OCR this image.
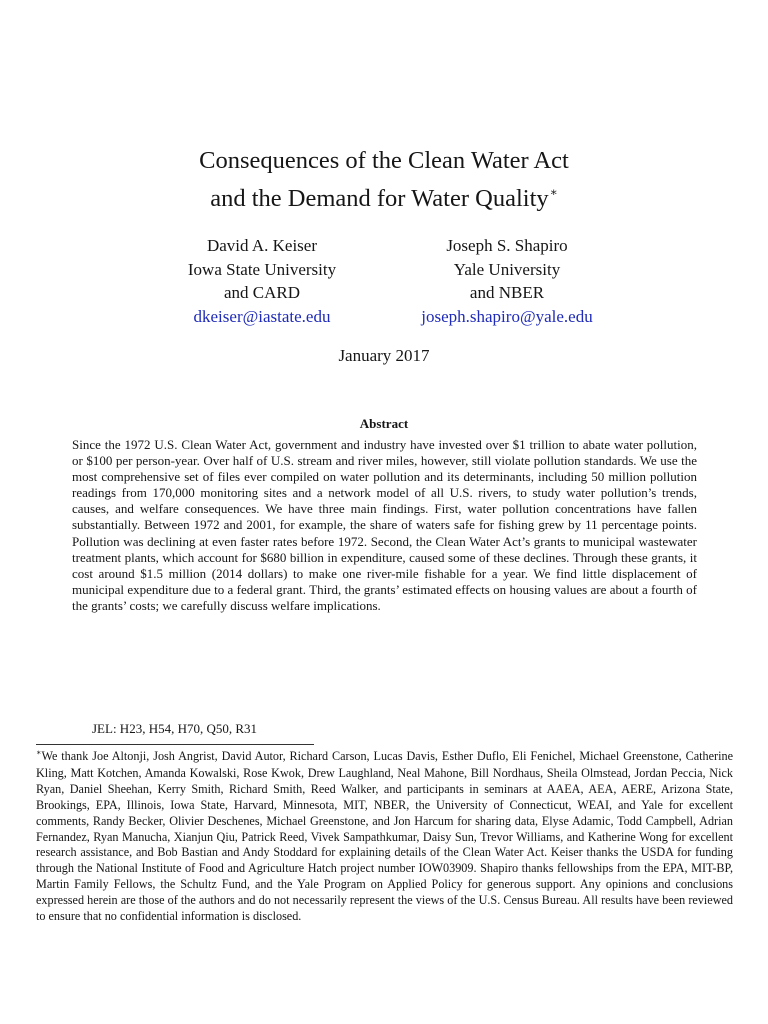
Consequences of the Clean Water Act
and the Demand for Water Quality∗
David A. Keiser
Iowa State University
and CARD
dkeiser@iastate.edu
Joseph S. Shapiro
Yale University
and NBER
joseph.shapiro@yale.edu
January 2017
Abstract

Since the 1972 U.S. Clean Water Act, government and industry have invested over $1 trillion to abate water pollution, or $100 per person-year. Over half of U.S. stream and river miles, however, still violate pollution standards. We use the most comprehensive set of files ever compiled on water pollution and its determinants, including 50 million pollution readings from 170,000 monitoring sites and a network model of all U.S. rivers, to study water pollution’s trends, causes, and welfare consequences. We have three main findings. First, water pollution concentrations have fallen substantially. Between 1972 and 2001, for example, the share of waters safe for fishing grew by 11 percentage points. Pollution was declining at even faster rates before 1972. Second, the Clean Water Act’s grants to municipal wastewater treatment plants, which account for $680 billion in expenditure, caused some of these declines. Through these grants, it cost around $1.5 million (2014 dollars) to make one river-mile fishable for a year. We find little displacement of municipal expenditure due to a federal grant. Third, the grants’ estimated effects on housing values are about a fourth of the grants’ costs; we carefully discuss welfare implications.

JEL: H23, H54, H70, Q50, R31

∗We thank Joe Altonji, Josh Angrist, David Autor, Richard Carson, Lucas Davis, Esther Duflo, Eli Fenichel, Michael Greenstone, Catherine Kling, Matt Kotchen, Amanda Kowalski, Rose Kwok, Drew Laughland, Neal Mahone, Bill Nordhaus, Sheila Olmstead, Jordan Peccia, Nick Ryan, Daniel Sheehan, Kerry Smith, Richard Smith, Reed Walker, and participants in seminars at AAEA, AEA, AERE, Arizona State, Brookings, EPA, Illinois, Iowa State, Harvard, Minnesota, MIT, NBER, the University of Connecticut, WEAI, and Yale for excellent comments, Randy Becker, Olivier Deschenes, Michael Greenstone, and Jon Harcum for sharing data, Elyse Adamic, Todd Campbell, Adrian Fernandez, Ryan Manucha, Xianjun Qiu, Patrick Reed, Vivek Sampathkumar, Daisy Sun, Trevor Williams, and Katherine Wong for excellent research assistance, and Bob Bastian and Andy Stoddard for explaining details of the Clean Water Act. Keiser thanks the USDA for funding through the National Institute of Food and Agriculture Hatch project number IOW03909. Shapiro thanks fellowships from the EPA, MIT-BP, Martin Family Fellows, the Schultz Fund, and the Yale Program on Applied Policy for generous support. Any opinions and conclusions expressed herein are those of the authors and do not necessarily represent the views of the U.S. Census Bureau. All results have been reviewed to ensure that no confidential information is disclosed.
